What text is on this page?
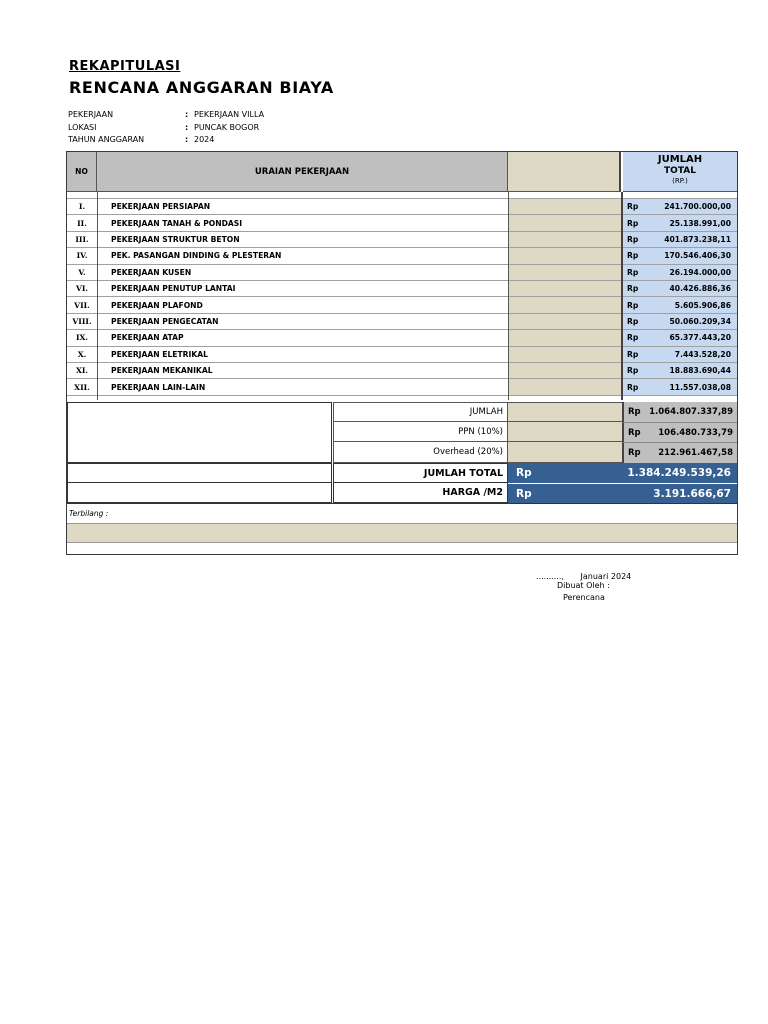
REKAPITULASI
RENCANA ANGGARAN BIAYA
PEKERJAAN	: PEKERJAAN VILLA
LOKASI	: PUNCAK BOGOR
TAHUN ANGGARAN	: 2024
NO	URAIAN PEKERJAAN
JUMLAH
TOTAL
(RP.)
I.	PEKERJAAN PERSIAPAN	Rp	241.700.000,00
II.	PEKERJAAN TANAH & PONDASI	Rp	25.138.991,00
III.	PEKERJAAN STRUKTUR BETON	Rp	401.873.238,11
IV.	PEK. PASANGAN DINDING & PLESTERAN	Rp	170.546.406,30
V.	PEKERJAAN KUSEN	Rp	26.194.000,00
VI.	PEKERJAAN PENUTUP LANTAI	Rp	40.426.886,36
VII.	PEKERJAAN PLAFOND	Rp	5.605.906,86
VIII.	PEKERJAAN PENGECATAN	Rp	50.060.209,34
IX.	PEKERJAAN ATAP	Rp	65.377.443,20
X.	PEKERJAAN ELETRIKAL	Rp	7.443.528,20
XI.	PEKERJAAN MEKANIKAL	Rp	18.883.690,44
XII.	PEKERJAAN LAIN-LAIN	Rp	11.557.038,08
JUMLAH	Rp 1.064.807.337,89
PPN (10%)	Rp 106.480.733,79
Overhead (20%)	Rp 212.961.467,58
JUMLAH TOTAL Rp	1.384.249.539,26
HARGA /M2 Rp	3.191.666,67
Terbilang :
.........., Januari 2024
Dibuat Oleh :
Perencana
